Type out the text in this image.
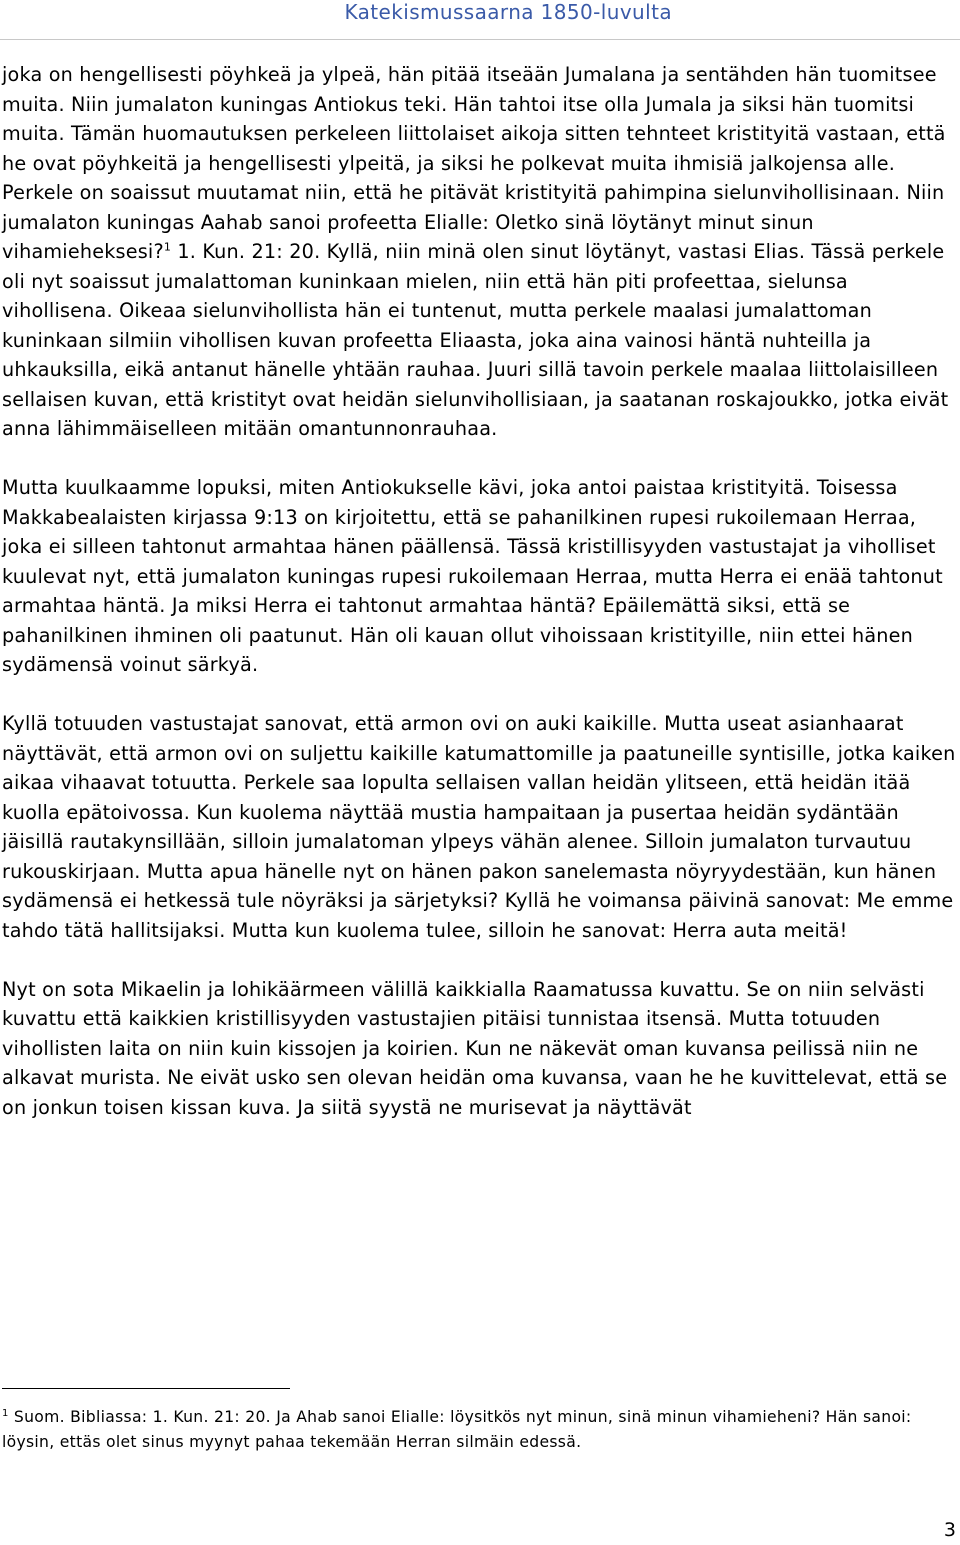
Katekismussaarna 1850-luvulta

joka on hengellisesti pöyhkeä ja ylpeä, hän pitää itseään Jumalana ja sentähden hän tuomitsee muita. Niin jumalaton kuningas Antiokus teki. Hän tahtoi itse olla Jumala ja siksi hän tuomitsi muita. Tämän huomautuksen perkeleen liittolaiset aikoja sitten tehnteet kristityitä vastaan, että he ovat pöyhkeitä ja hengellisesti ylpeitä, ja siksi he polkevat muita ihmisiä jalkojensa alle. Perkele on soaissut muutamat niin, että he pitävät kristityitä pahimpina sielunvihollisinaan. Niin jumalaton kuningas Aahab sanoi profeetta Elialle: Oletko sinä löytänyt minut sinun vihamieheksesi?$^1$ 1. Kun. 21: 20. Kyllä, niin minä olen sinut löytänyt, vastasi Elias. Tässä perkele oli nyt soaissut jumalattoman kuninkaan mielen, niin että hän piti profeettaa, sielunsa vihollisena. Oikeaa sielunvihollista hän ei tuntenut, mutta perkele maalasi jumalattoman kuninkaan silmiin vihollisen kuvan profeetta Eliaasta, joka aina vainosi häntä nuhteilla ja uhkauksilla, eikä antanut hänelle yhtään rauhaa. Juuri sillä tavoin perkele maalaa liittolaisilleen sellaisen kuvan, että kristityt ovat heidän sielunvihollisiaan, ja saatanan roskajoukko, jotka eivät anna lähimmäiselleen mitään omantunnonrauhaa.

Mutta kuulkaamme lopuksi, miten Antiokukselle kävi, joka antoi paistaa kristityitä. Toisessa Makkabealaisten kirjassa 9:13 on kirjoitettu, että se pahanilkinen rupesi rukoilemaan Herraa, joka ei silleen tahtonut armahtaa hänen päällensä. Tässä kristillisyyden vastustajat ja viholliset kuulevat nyt, että jumalaton kuningas rupesi rukoilemaan Herraa, mutta Herra ei enää tahtonut armahtaa häntä. Ja miksi Herra ei tahtonut armahtaa häntä? Epäilemättä siksi, että se pahanilkinen ihminen oli paatunut. Hän oli kauan ollut vihoissaan kristityille, niin ettei hänen sydämensä voinut särkyä.

Kyllä totuuden vastustajat sanovat, että armon ovi on auki kaikille. Mutta useat asianhaarat näyttävät, että armon ovi on suljettu kaikille katumattomille ja paatuneille syntisille, jotka kaiken aikaa vihaavat totuutta. Perkele saa lopulta sellaisen vallan heidän ylitseen, että heidän itää kuolla epätoivossa. Kun kuolema näyttää mustia hampaitaan ja pusertaa heidän sydäntään jäisillä rautakynsillään, silloin jumalatoman ylpeys vähän alenee. Silloin jumalaton turvautuu rukouskirjaan. Mutta apua hänelle nyt on hänen pakon sanelemasta nöyryydestään, kun hänen sydämensä ei hetkessä tule nöyräksi ja särjetyksi? Kyllä he voimansa päivinä sanovat: Me emme tahdo tätä hallitsijaksi. Mutta kun kuolema tulee, silloin he sanovat: Herra auta meitä!

Nyt on sota Mikaelin ja lohikäärmeen välillä kaikkialla Raamatussa kuvattu. Se on niin selvästi kuvattu että kaikkien kristillisyyden vastustajien pitäisi tunnistaa itsensä. Mutta totuuden vihollisten laita on niin kuin kissojen ja koirien. Kun ne näkevät oman kuvansa peilissä niin ne alkavat murista. Ne eivät usko sen olevan heidän oma kuvansa, vaan he he kuvittelevat, että se on jonkun toisen kissan kuva. Ja siitä syystä ne murisevat ja näyttävät

$^1$ Suom. Bibliassa: 1. Kun. 21: 20. Ja Ahab sanoi Elialle: löysitkös nyt minun, sinä minun vihamieheni? Hän sanoi: löysin, ettäs olet sinus myynyt pahaa tekemään Herran silmäin edessä.

3
